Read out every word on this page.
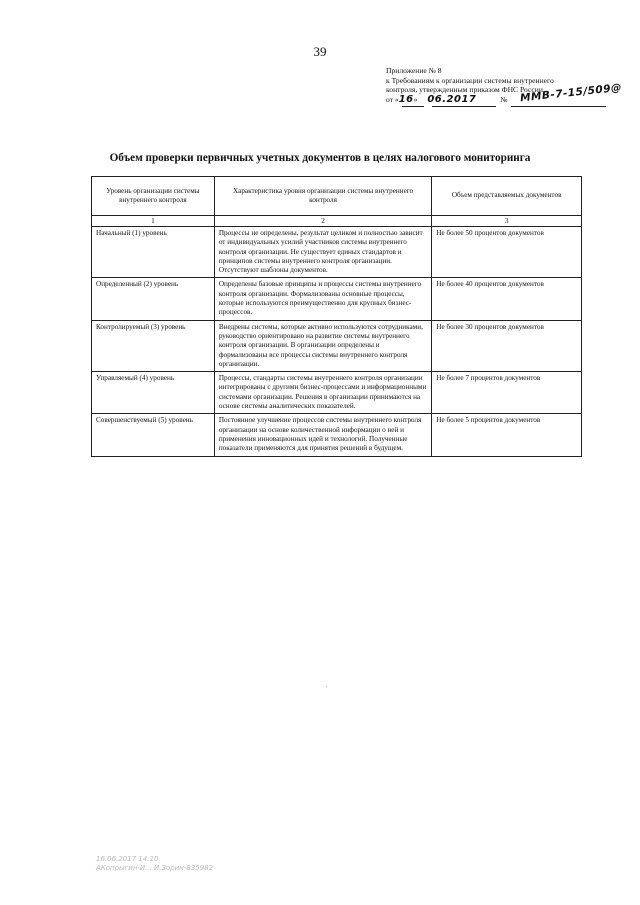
39
Приложение № 8
к Требованиям к организации системы внутреннего
контроля, утвержденным приказом ФНС России
от «16» 06.2017	№ ММВ-7-15/509@
Объем проверки первичных учетных документов в целях налогового мониторинга
Уровень организации системы внутреннего контроля	Характеристика уровня организации системы внутреннего контроля	Объем представляемых документов
1	2	3
Начальный (1) уровень	Процессы не определены, результат целиком и полностью зависит от индивидуальных усилий участников системы внутреннего контроля организации. Не существует единых стандартов и принципов системы внутреннего контроля организации. Отсутствуют шаблоны документов.	Не более 50 процентов документов
Определенный (2) уровень	Определены базовые принципы и процессы системы внутреннего контроля организации. Формализованы основные процессы, которые используются преимущественно для крупных бизнес-процессов.	Не более 40 процентов документов
Контролируемый (3) уровень	Внедрены системы, которые активно используются сотрудниками, руководство ориентировано на развитие системы внутреннего контроля организации. В организации определены и формализованы все процессы системы внутреннего контроля организации.	Не более 30 процентов документов
Управляемый (4) уровень	Процессы, стандарты системы внутреннего контроля организации интегрированы с другими бизнес-процессами и информационными системами организации. Решения в организации принимаются на основе системы аналитических показателей.	Не более 7 процентов документов
Совершенствуемый (5) уровень	Постоянное улучшение процессов системы внутреннего контроля организации на основе количественной информации о ней и применения инновационных идей и технологий. Полученные показатели применяются для принятия решений в будущем.	Не более 5 процентов документов
16.06.2017 14:10
АКопрыгин-И... И.Зорин-835982
